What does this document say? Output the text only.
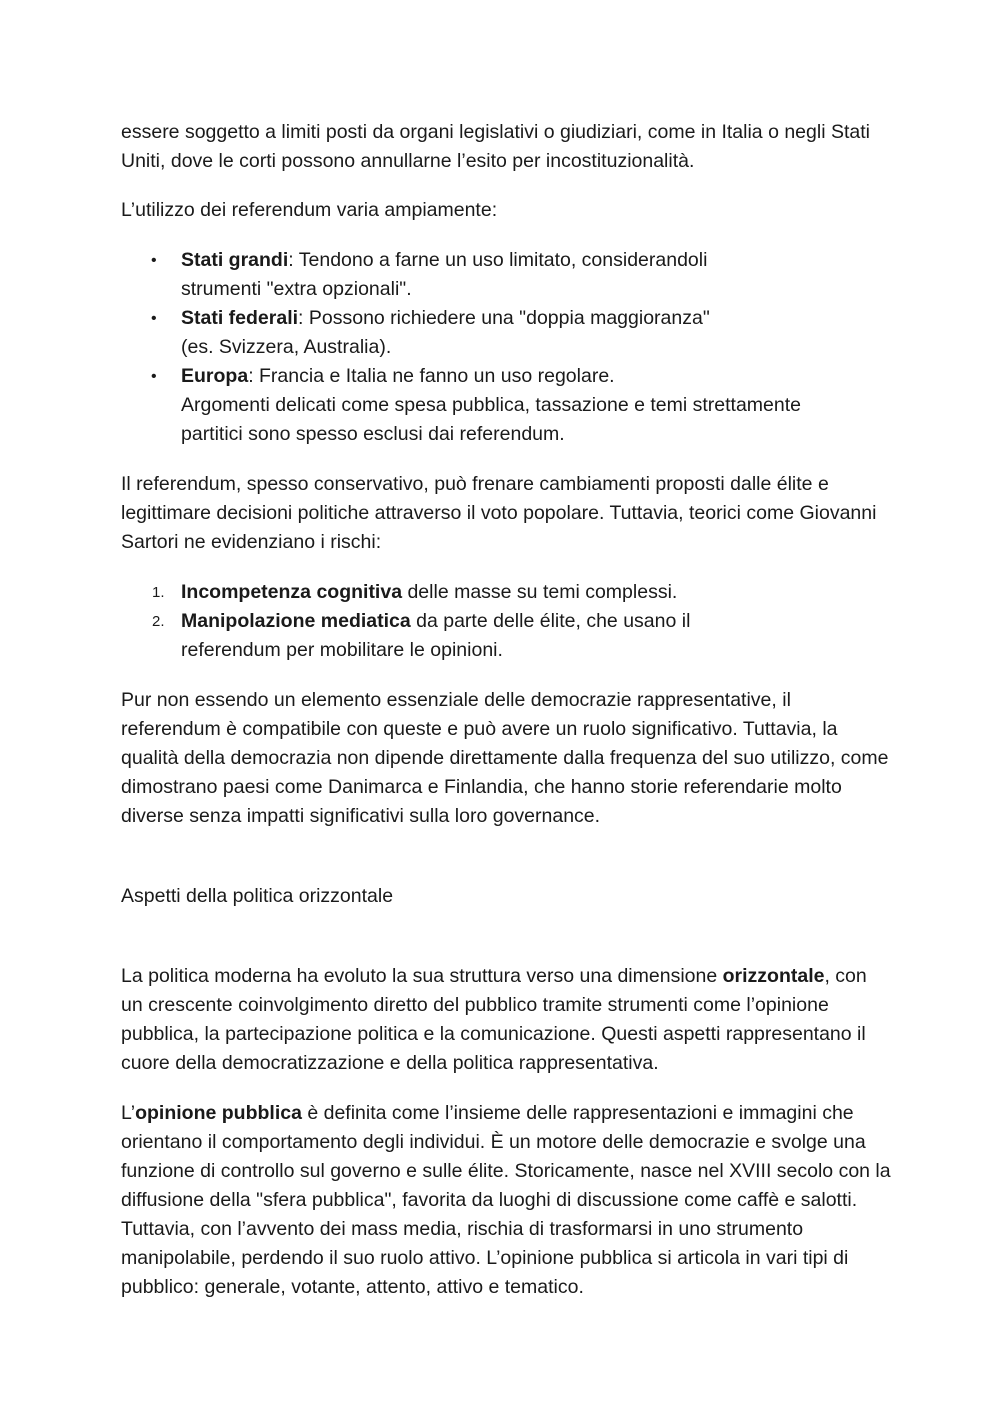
essere soggetto a limiti posti da organi legislativi o giudiziari, come in Italia o negli Stati Uniti, dove le corti possono annullarne l’esito per incostituzionalità.

L’utilizzo dei referendum varia ampiamente:

• Stati grandi: Tendono a farne un uso limitato, considerandoli
strumenti "extra opzionali".
• Stati federali: Possono richiedere una "doppia maggioranza"
(es. Svizzera, Australia).
• Europa: Francia e Italia ne fanno un uso regolare.
Argomenti delicati come spesa pubblica, tassazione e temi strettamente
partitici sono spesso esclusi dai referendum.

Il referendum, spesso conservativo, può frenare cambiamenti proposti dalle élite e legittimare decisioni politiche attraverso il voto popolare. Tuttavia, teorici come Giovanni Sartori ne evidenziano i rischi:

1. Incompetenza cognitiva delle masse su temi complessi.
2. Manipolazione mediatica da parte delle élite, che usano il
referendum per mobilitare le opinioni.

Pur non essendo un elemento essenziale delle democrazie rappresentative, il referendum è compatibile con queste e può avere un ruolo significativo. Tuttavia, la qualità della democrazia non dipende direttamente dalla frequenza del suo utilizzo, come dimostrano paesi come Danimarca e Finlandia, che hanno storie referendarie molto diverse senza impatti significativi sulla loro governance.

Aspetti della politica orizzontale

La politica moderna ha evoluto la sua struttura verso una dimensione orizzontale, con un crescente coinvolgimento diretto del pubblico tramite strumenti come l’opinione pubblica, la partecipazione politica e la comunicazione. Questi aspetti rappresentano il cuore della democratizzazione e della politica rappresentativa.

L’opinione pubblica è definita come l’insieme delle rappresentazioni e immagini che orientano il comportamento degli individui. È un motore delle democrazie e svolge una funzione di controllo sul governo e sulle élite. Storicamente, nasce nel XVIII secolo con la diffusione della "sfera pubblica", favorita da luoghi di discussione come caffè e salotti.
Tuttavia, con l’avvento dei mass media, rischia di trasformarsi in uno strumento manipolabile, perdendo il suo ruolo attivo. L’opinione pubblica si articola in vari tipi di pubblico: generale, votante, attento, attivo e tematico.
